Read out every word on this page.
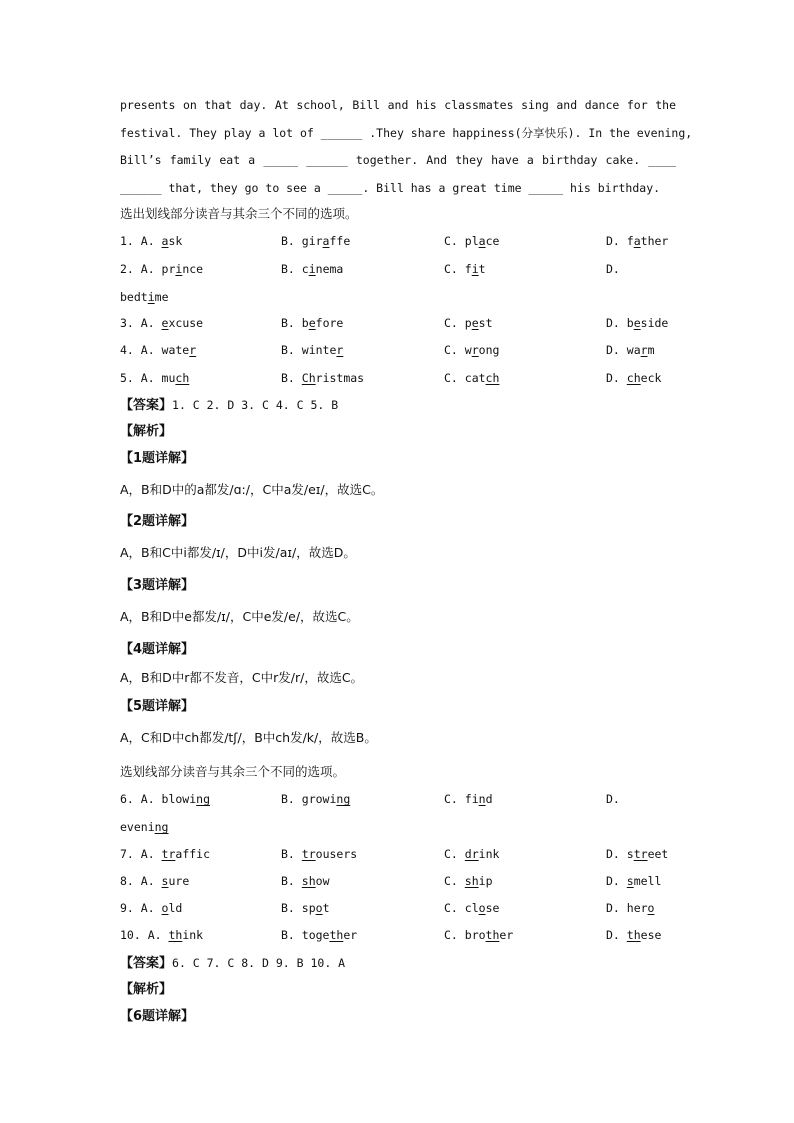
presents on that day. At school, Bill and his classmates sing and dance for the
festival. They play a lot of ______ .They share happiness(分享快乐). In the evening,
Bill’s family eat a _____ ______ together. And they have a birthday cake. ____
______ that, they go to see a _____. Bill has a great time _____ his birthday.
选出划线部分读音与其余三个不同的选项。
1. A. ask	B. giraffe	C. place	D. father
2. A. prince	B. cinema	C. fit	D.
bedtime
3. A. excuse	B. before	C. pest	D. beside
4. A. water	B. winter	C. wrong	D. warm
5. A. much	B. Christmas	C. catch	D. check
【答案】1. C 2. D 3. C 4. C 5. B
【解析】
【1题详解】
A，B和D中的a都发/ɑ:/，C中a发/eɪ/，故选C。
【2题详解】
A，B和C中i都发/ɪ/，D中i发/aɪ/，故选D。
【3题详解】
A，B和D中e都发/ɪ/，C中e发/e/，故选C。
【4题详解】
A，B和D中r都不发音，C中r发/r/，故选C。
【5题详解】
A，C和D中ch都发/tʃ/，B中ch发/k/，故选B。
选划线部分读音与其余三个不同的选项。
6. A. blowing	B. growing	C. find	D.
evening
7. A. traffic	B. trousers	C. drink	D. street
8. A. sure	B. show	C. ship	D. smell
9. A. old	B. spot	C. close	D. hero
10. A. think	B. together	C. brother	D. these
【答案】6. C 7. C 8. D 9. B 10. A
【解析】
【6题详解】
